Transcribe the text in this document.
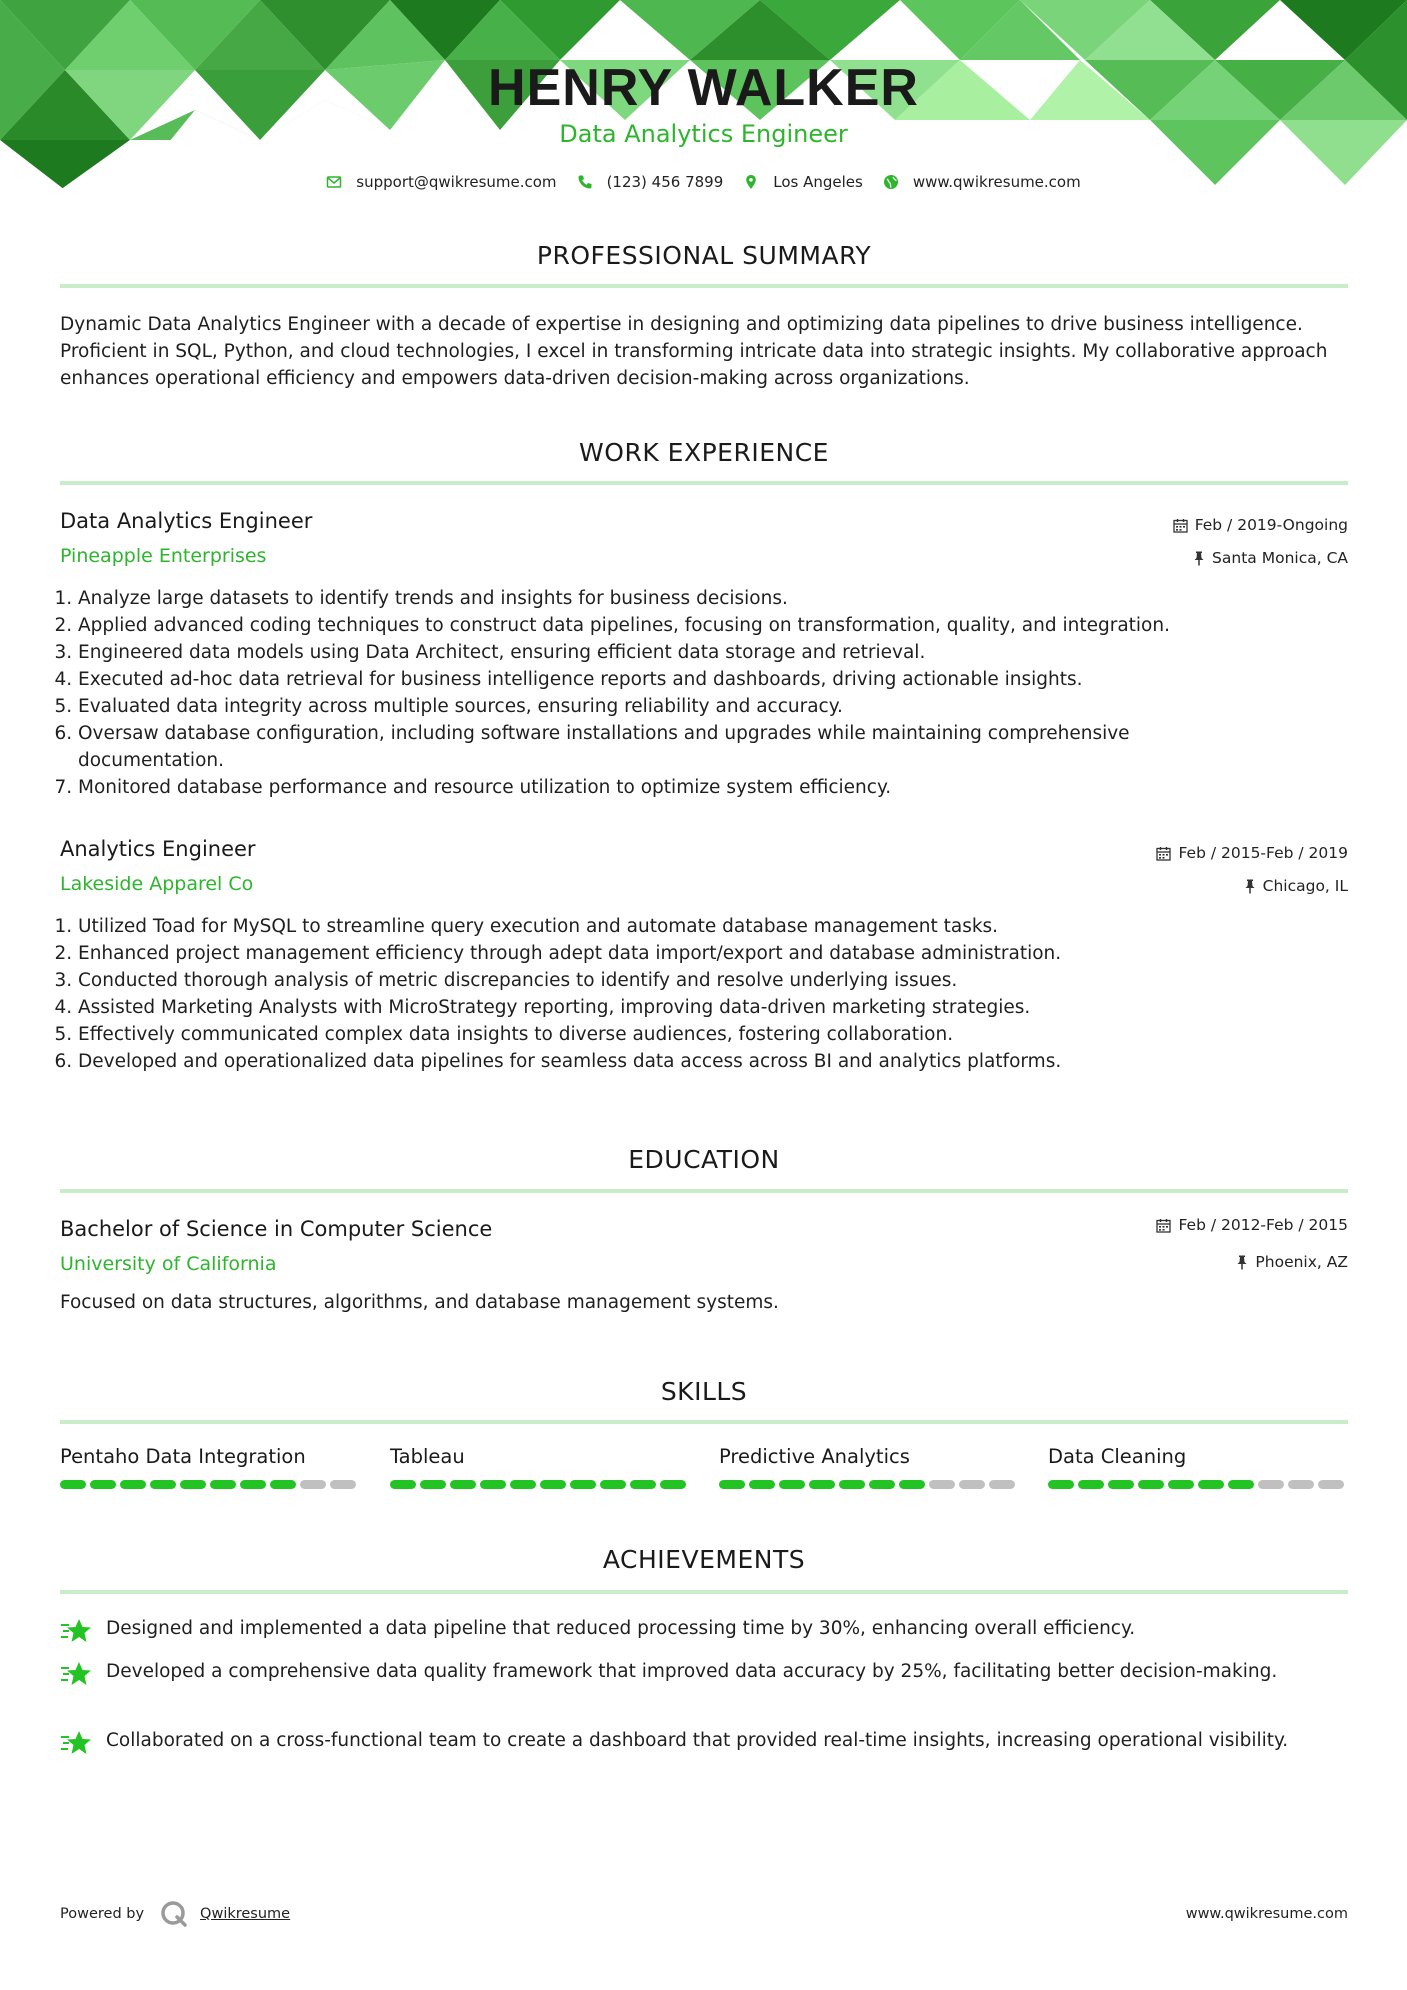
HENRY WALKER
Data Analytics Engineer
support@qwikresume.com	(123) 456 7899	Los Angeles	www.qwikresume.com
PROFESSIONAL SUMMARY
Dynamic Data Analytics Engineer with a decade of expertise in designing and optimizing data pipelines to drive business intelligence. Proficient in SQL, Python, and cloud technologies, I excel in transforming intricate data into strategic insights. My collaborative approach enhances operational efficiency and empowers data-driven decision-making across organizations.
WORK EXPERIENCE
Data Analytics Engineer	Feb / 2019-Ongoing
Pineapple Enterprises	Santa Monica, CA
1. Analyze large datasets to identify trends and insights for business decisions.
2. Applied advanced coding techniques to construct data pipelines, focusing on transformation, quality, and integration.
3. Engineered data models using Data Architect, ensuring efficient data storage and retrieval.
4. Executed ad-hoc data retrieval for business intelligence reports and dashboards, driving actionable insights.
5. Evaluated data integrity across multiple sources, ensuring reliability and accuracy.
6. Oversaw database configuration, including software installations and upgrades while maintaining comprehensive documentation.
7. Monitored database performance and resource utilization to optimize system efficiency.
Analytics Engineer	Feb / 2015-Feb / 2019
Lakeside Apparel Co	Chicago, IL
1. Utilized Toad for MySQL to streamline query execution and automate database management tasks.
2. Enhanced project management efficiency through adept data import/export and database administration.
3. Conducted thorough analysis of metric discrepancies to identify and resolve underlying issues.
4. Assisted Marketing Analysts with MicroStrategy reporting, improving data-driven marketing strategies.
5. Effectively communicated complex data insights to diverse audiences, fostering collaboration.
6. Developed and operationalized data pipelines for seamless data access across BI and analytics platforms.
EDUCATION
Bachelor of Science in Computer Science	Feb / 2012-Feb / 2015
University of California	Phoenix, AZ
Focused on data structures, algorithms, and database management systems.
SKILLS
Pentaho Data Integration	Tableau	Predictive Analytics	Data Cleaning
ACHIEVEMENTS
Designed and implemented a data pipeline that reduced processing time by 30%, enhancing overall efficiency.
Developed a comprehensive data quality framework that improved data accuracy by 25%, facilitating better decision-making.
Collaborated on a cross-functional team to create a dashboard that provided real-time insights, increasing operational visibility.
Powered by	Qwikresume	www.qwikresume.com
